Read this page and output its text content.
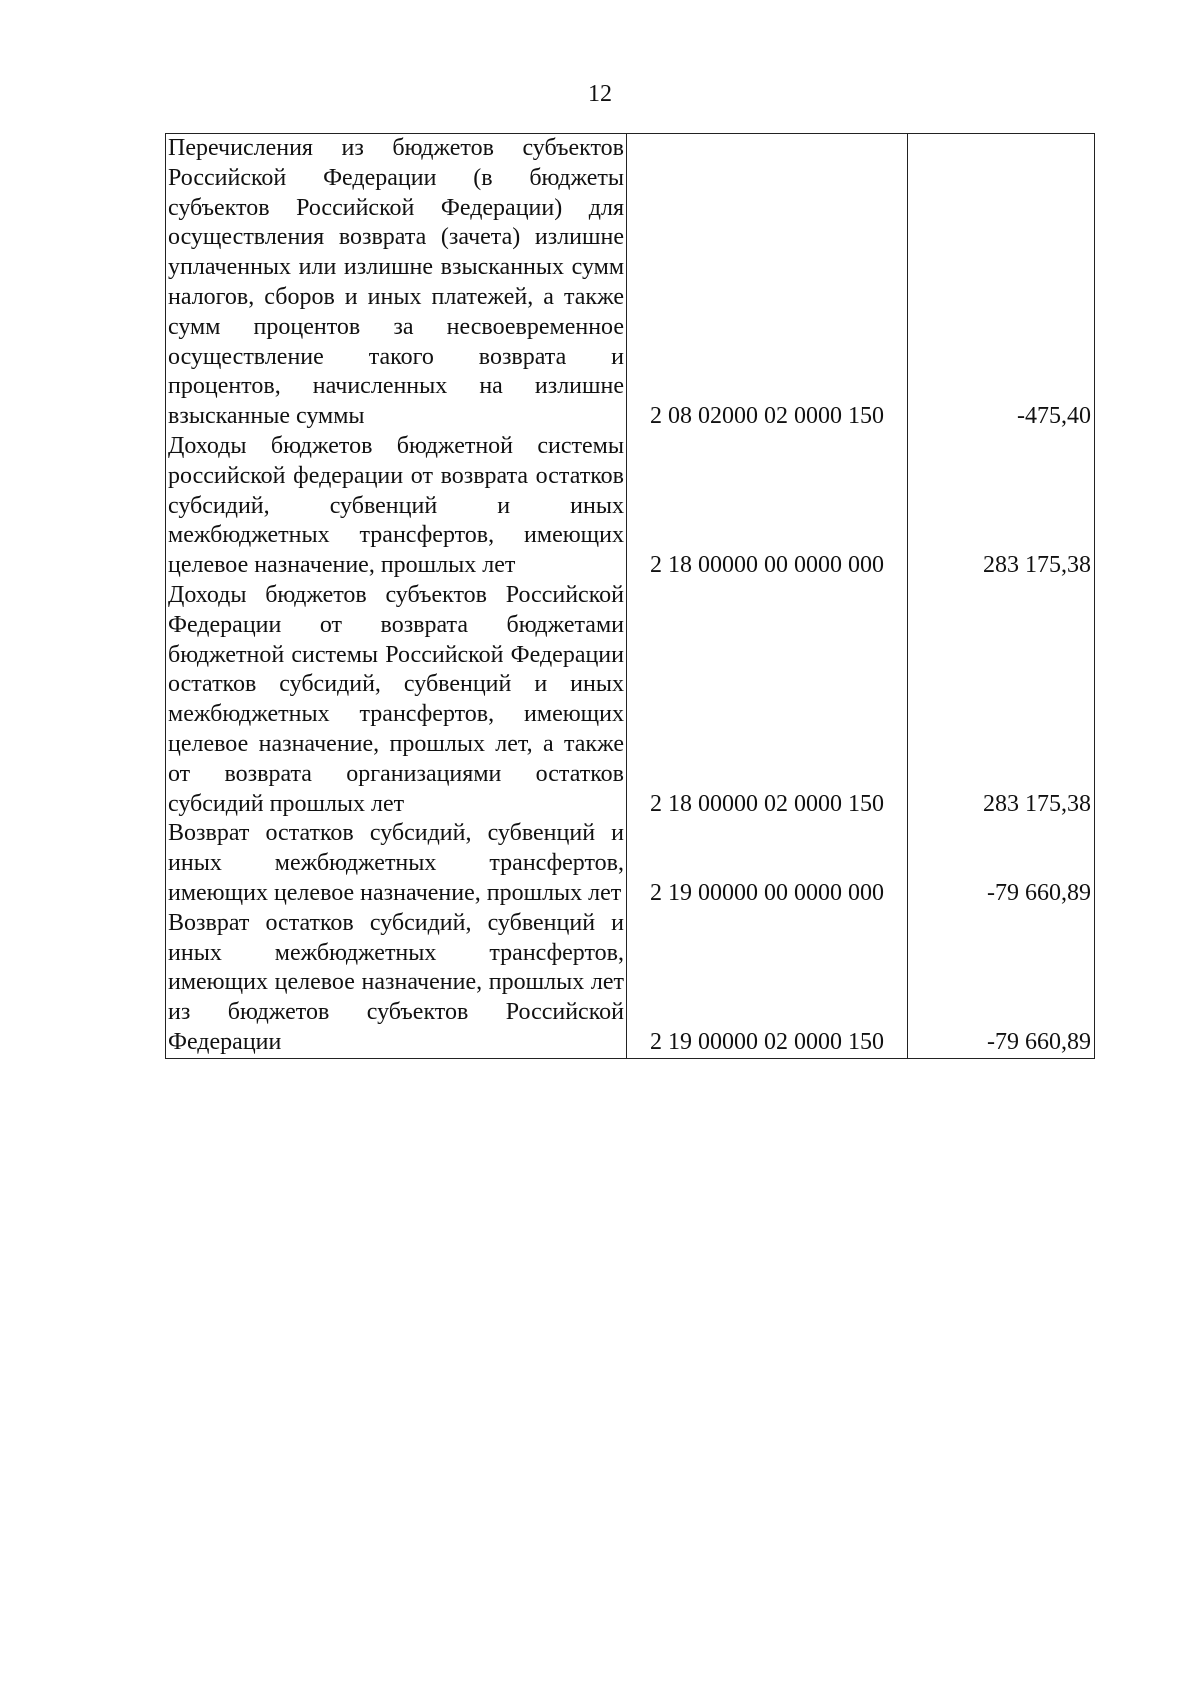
12
Перечисления из бюджетов субъектов Российской Федерации (в бюджеты субъектов Российской Федерации) для осуществления возврата (зачета) излишне уплаченных или излишне взысканных сумм налогов, сборов и иных платежей, а также сумм процентов за несвоевременное осуществление такого возврата и процентов, начисленных на излишне взысканные суммы	2 08 02000 02 0000 150	-475,40

Доходы бюджетов бюджетной системы российской федерации от возврата остатков субсидий, субвенций и иных межбюджетных трансфертов, имеющих целевое назначение, прошлых лет	2 18 00000 00 0000 000	283 175,38

Доходы бюджетов субъектов Российской Федерации от возврата бюджетами бюджетной системы Российской Федерации остатков субсидий, субвенций и иных межбюджетных трансфертов, имеющих целевое назначение, прошлых лет, а также от возврата организациями остатков субсидий прошлых лет	2 18 00000 02 0000 150	283 175,38

Возврат остатков субсидий, субвенций и иных межбюджетных трансфертов, имеющих целевое назначение, прошлых лет	2 19 00000 00 0000 000	-79 660,89

Возврат остатков субсидий, субвенций и иных межбюджетных трансфертов, имеющих целевое назначение, прошлых лет из бюджетов субъектов Российской Федерации	2 19 00000 02 0000 150	-79 660,89
